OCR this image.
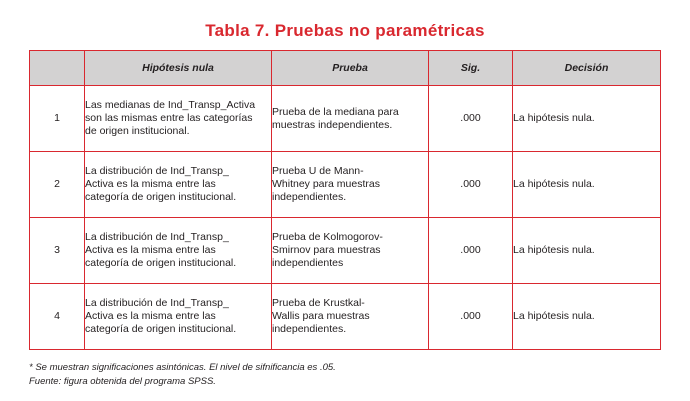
Tabla 7. Pruebas no paramétricas
	Hipótesis nula	Prueba	Sig.	Decisión
1	Las medianas de Ind_Transp_Activa
son las mismas entre las categorías
de origen institucional.	Prueba de la mediana para
muestras independientes.	.000	La hipótesis nula.
2	La distribución de Ind_Transp_
Activa es la misma entre las
categoría de origen institucional.	Prueba U de Mann-
Whitney para muestras
independientes.	.000	La hipótesis nula.
3	La distribución de Ind_Transp_
Activa es la misma entre las
categoría de origen institucional.	Prueba de Kolmogorov-
Smirnov para muestras
independientes	.000	La hipótesis nula.
4	La distribución de Ind_Transp_
Activa es la misma entre las
categoría de origen institucional.	Prueba de Krustkal-
Wallis para muestras
independientes.	.000	La hipótesis nula.
* Se muestran significaciones asintónicas. El nivel de sifnificancia es .05.
Fuente: figura obtenida del programa SPSS.
